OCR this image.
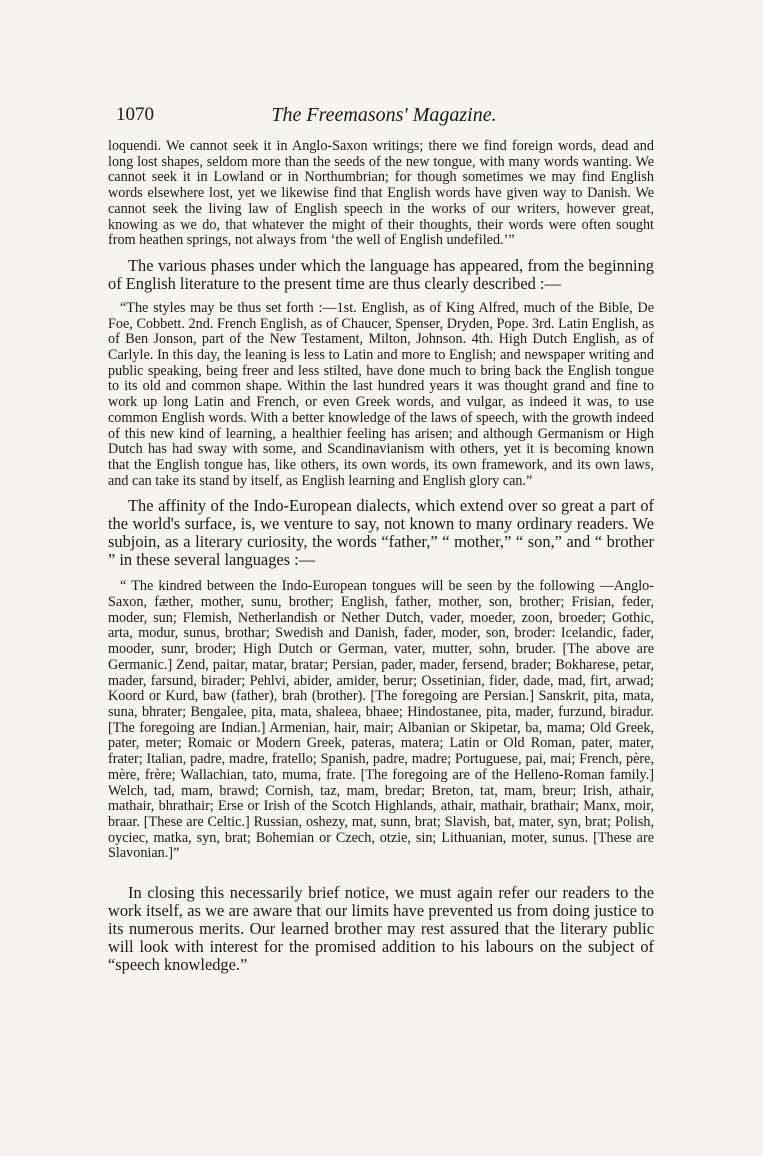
1070	The Freemasons' Magazine.

loquendi. We cannot seek it in Anglo-Saxon writings; there we find foreign words, dead and long lost shapes, seldom more than the seeds of the new tongue, with many words wanting. We cannot seek it in Lowland or in Northumbrian; for though sometimes we may find English words elsewhere lost, yet we likewise find that English words have given way to Danish. We cannot seek the living law of English speech in the works of our writers, however great, knowing as we do, that whatever the might of their thoughts, their words were often sought from heathen springs, not always from ‘the well of English undefiled.’”

The various phases under which the language has appeared, from the beginning of English literature to the present time are thus clearly described :—

“The styles may be thus set forth :—1st. English, as of King Alfred, much of the Bible, De Foe, Cobbett. 2nd. French English, as of Chaucer, Spenser, Dryden, Pope. 3rd. Latin English, as of Ben Jonson, part of the New Testament, Milton, Johnson. 4th. High Dutch English, as of Carlyle. In this day, the leaning is less to Latin and more to English; and newspaper writing and public speaking, being freer and less stilted, have done much to bring back the English tongue to its old and common shape. Within the last hundred years it was thought grand and fine to work up long Latin and French, or even Greek words, and vulgar, as indeed it was, to use common English words. With a better knowledge of the laws of speech, with the growth indeed of this new kind of learning, a healthier feeling has arisen; and although Germanism or High Dutch has had sway with some, and Scandinavianism with others, yet it is becoming known that the English tongue has, like others, its own words, its own framework, and its own laws, and can take its stand by itself, as English learning and English glory can.”

The affinity of the Indo-European dialects, which extend over so great a part of the world's surface, is, we venture to say, not known to many ordinary readers. We subjoin, as a literary curiosity, the words “father,” “ mother,” “ son,” and “ brother ” in these several languages :—

“ The kindred between the Indo-European tongues will be seen by the following —Anglo-Saxon, fæther, mother, sunu, brother; English, father, mother, son, brother; Frisian, feder, moder, sun; Flemish, Netherlandish or Nether Dutch, vader, moeder, zoon, broeder; Gothic, arta, modur, sunus, brothar; Swedish and Danish, fader, moder, son, broder: Icelandic, fader, mooder, sunr, broder; High Dutch or German, vater, mutter, sohn, bruder. [The above are Germanic.] Zend, paitar, matar, bratar; Persian, pader, mader, fersend, brader; Bokharese, petar, mader, farsund, birader; Pehlvi, abider, amider, berur; Ossetinian, fider, dade, mad, firt, arwad; Koord or Kurd, baw (father), brah (brother). [The foregoing are Persian.] Sanskrit, pita, mata, suna, bhrater; Bengalee, pita, mata, shaleea, bhaee; Hindostanee, pita, mader, furzund, biradur. [The foregoing are Indian.] Armenian, hair, mair; Albanian or Skipetar, ba, mama; Old Greek, pater, meter; Romaic or Modern Greek, pateras, matera; Latin or Old Roman, pater, mater, frater; Italian, padre, madre, fratello; Spanish, padre, madre; Portuguese, pai, mai; French, père, mère, frère; Wallachian, tato, muma, frate. [The foregoing are of the Helleno-Roman family.] Welch, tad, mam, brawd; Cornish, taz, mam, bredar; Breton, tat, mam, breur; Irish, athair, mathair, bhrathair; Erse or Irish of the Scotch Highlands, athair, mathair, brathair; Manx, moir, braar. [These are Celtic.] Russian, oshezy, mat, sunn, brat; Slavish, bat, mater, syn, brat; Polish, oyciec, matka, syn, brat; Bohemian or Czech, otzie, sin; Lithuanian, moter, sunus. [These are Slavonian.]”

In closing this necessarily brief notice, we must again refer our readers to the work itself, as we are aware that our limits have prevented us from doing justice to its numerous merits. Our learned brother may rest assured that the literary public will look with interest for the promised addition to his labours on the subject of “speech knowledge.”
